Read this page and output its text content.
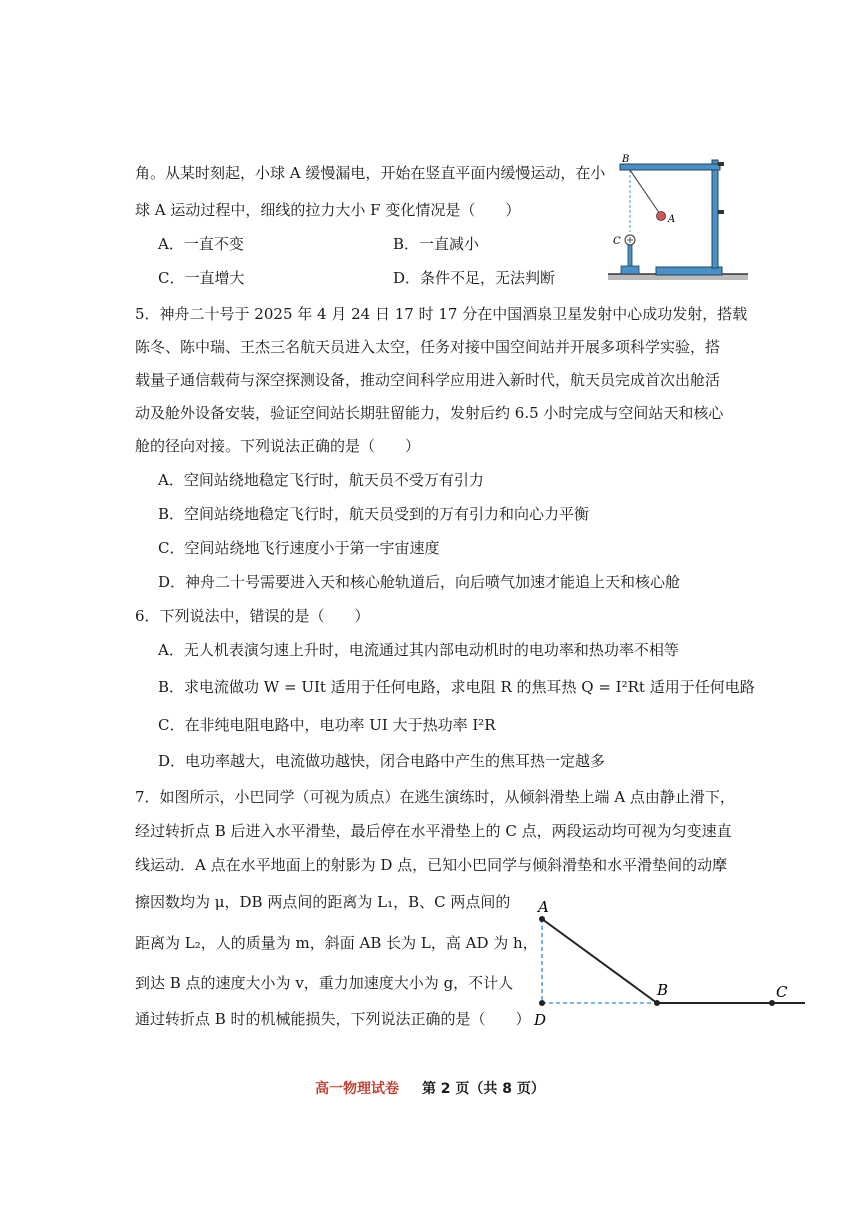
角。从某时刻起，小球 A 缓慢漏电，开始在竖直平面内缓慢运动，在小
球 A 运动过程中，细线的拉力大小 F 变化情况是（　　）
A．一直不变	B．一直减小
C．一直增大	D．条件不足，无法判断
B
A
C
5．神舟二十号于 2025 年 4 月 24 日 17 时 17 分在中国酒泉卫星发射中心成功发射，搭载
陈冬、陈中瑞、王杰三名航天员进入太空，任务对接中国空间站并开展多项科学实验，搭
载量子通信载荷与深空探测设备，推动空间科学应用进入新时代，航天员完成首次出舱活
动及舱外设备安装，验证空间站长期驻留能力，发射后约 6.5 小时完成与空间站天和核心
舱的径向对接。下列说法正确的是（　　）
A．空间站绕地稳定飞行时，航天员不受万有引力
B．空间站绕地稳定飞行时，航天员受到的万有引力和向心力平衡
C．空间站绕地飞行速度小于第一宇宙速度
D．神舟二十号需要进入天和核心舱轨道后，向后喷气加速才能追上天和核心舱
6．下列说法中，错误的是（　　）
A．无人机表演匀速上升时，电流通过其内部电动机时的电功率和热功率不相等
B．求电流做功 W = UIt 适用于任何电路，求电阻 R 的焦耳热 Q = I²Rt 适用于任何电路
C．在非纯电阻电路中，电功率 UI 大于热功率 I²R
D．电功率越大，电流做功越快，闭合电路中产生的焦耳热一定越多
7．如图所示，小巴同学（可视为质点）在逃生演练时，从倾斜滑垫上端 A 点由静止滑下，
经过转折点 B 后进入水平滑垫，最后停在水平滑垫上的 C 点，两段运动均可视为匀变速直
线运动．A 点在水平地面上的射影为 D 点，已知小巴同学与倾斜滑垫和水平滑垫间的动摩
擦因数均为 μ，DB 两点间的距离为 L₁，B、C 两点间的
距离为 L₂，人的质量为 m，斜面 AB 长为 L，高 AD 为 h，
到达 B 点的速度大小为 v，重力加速度大小为 g，不计人
通过转折点 B 时的机械能损失，下列说法正确的是（　　）
A
B	C
D
高一物理试卷 第 2 页（共 8 页）
